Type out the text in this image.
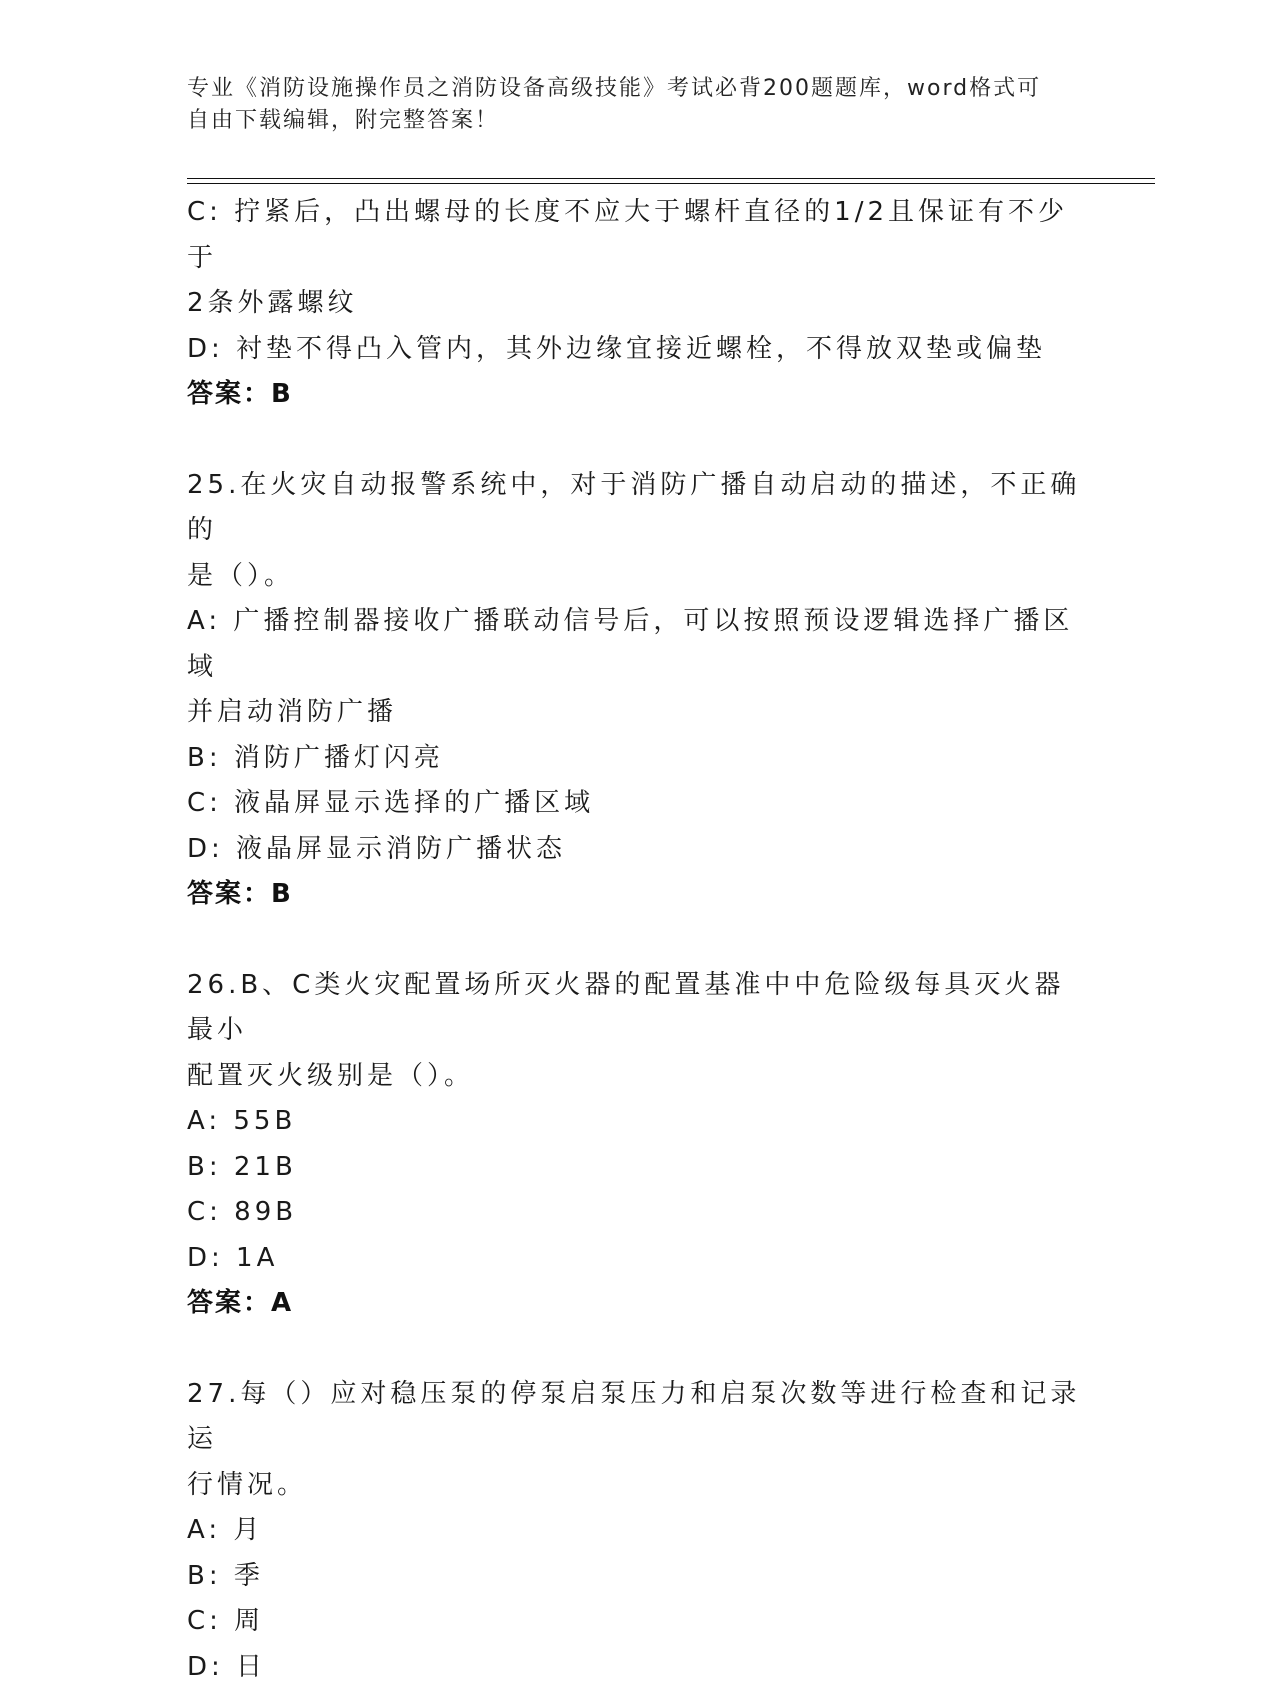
专业《消防设施操作员之消防设备高级技能》考试必背200题题库，word格式可
自由下载编辑，附完整答案！
C: 拧紧后，凸出螺母的长度不应大于螺杆直径的1/2且保证有不少于
2条外露螺纹
D: 衬垫不得凸入管内，其外边缘宜接近螺栓，不得放双垫或偏垫
答案：B
25.在火灾自动报警系统中，对于消防广播自动启动的描述，不正确的
是（）。
A: 广播控制器接收广播联动信号后，可以按照预设逻辑选择广播区域
并启动消防广播
B: 消防广播灯闪亮
C: 液晶屏显示选择的广播区域
D: 液晶屏显示消防广播状态
答案：B
26.B、C类火灾配置场所灭火器的配置基准中中危险级每具灭火器最小
配置灭火级别是（）。
A: 55B
B: 21B
C: 89B
D: 1A
答案：A
27.每（）应对稳压泵的停泵启泵压力和启泵次数等进行检查和记录运
行情况。
A: 月
B: 季
C: 周
D: 日
